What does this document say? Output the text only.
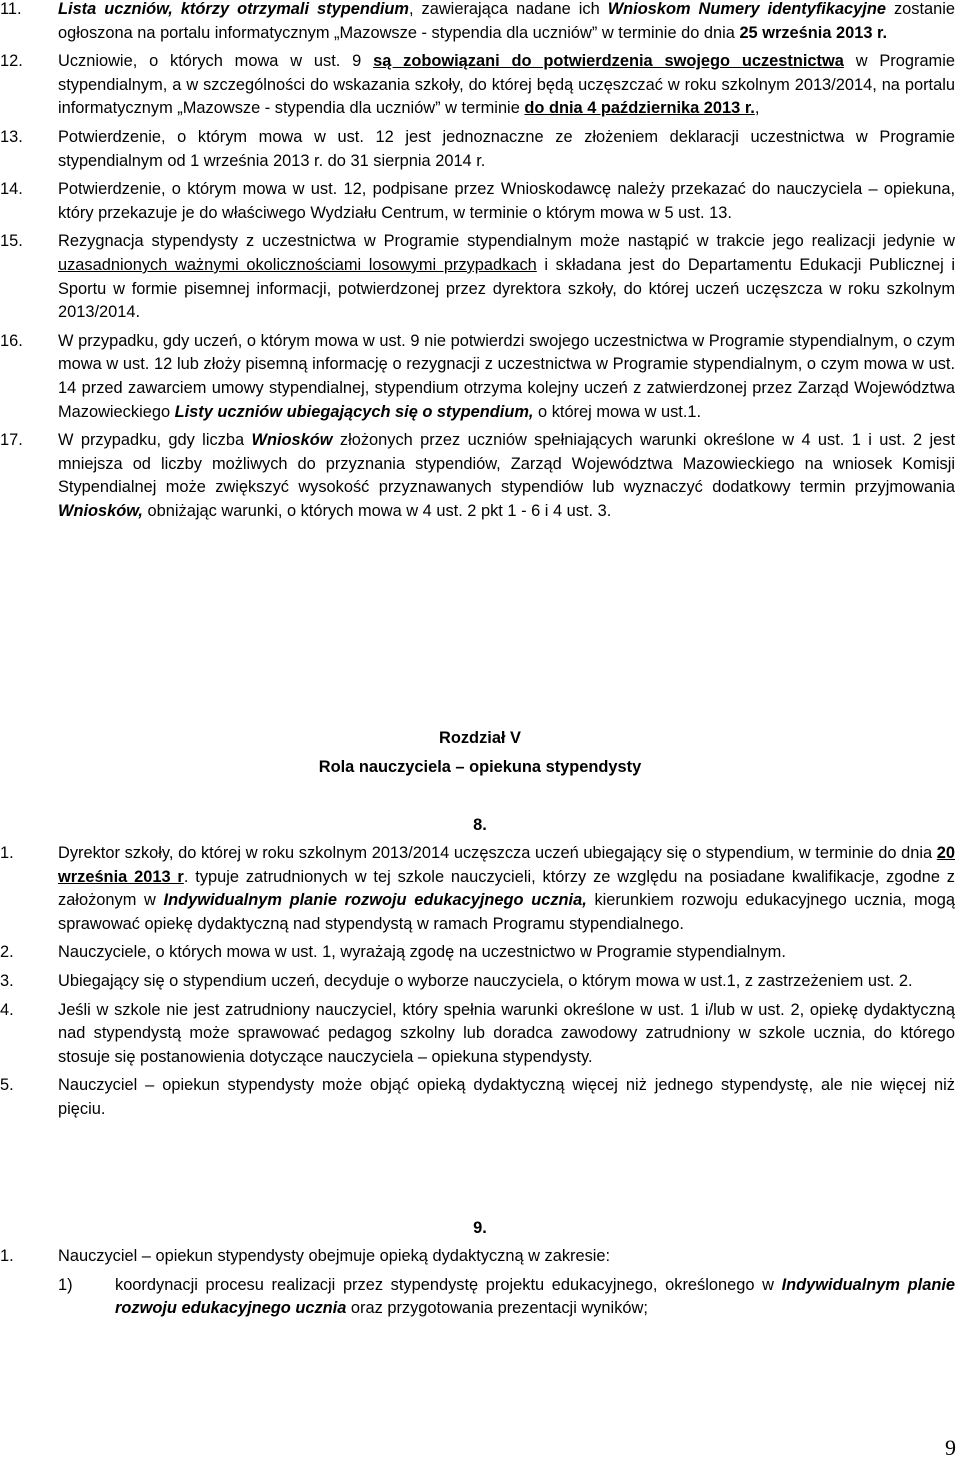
11. Lista uczniów, którzy otrzymali stypendium, zawierająca nadane ich Wnioskom Numery identyfikacyjne zostanie ogłoszona na portalu informatycznym „Mazowsze - stypendia dla uczniów” w terminie do dnia 25 września 2013 r.
12. Uczniowie, o których mowa w ust. 9 są zobowiązani do potwierdzenia swojego uczestnictwa w Programie stypendialnym, a w szczególności do wskazania szkoły, do której będą uczęszczać w roku szkolnym 2013/2014, na portalu informatycznym „Mazowsze - stypendia dla uczniów” w terminie do dnia 4 października 2013 r.,
13. Potwierdzenie, o którym mowa w ust. 12 jest jednoznaczne ze złożeniem deklaracji uczestnictwa w Programie stypendialnym od 1 września 2013 r. do 31 sierpnia 2014 r.
14. Potwierdzenie, o którym mowa w ust. 12, podpisane przez Wnioskodawcę należy przekazać do nauczyciela – opiekuna, który przekazuje je do właściwego Wydziału Centrum, w terminie o którym mowa w 5 ust. 13.
15. Rezygnacja stypendysty z uczestnictwa w Programie stypendialnym może nastąpić w trakcie jego realizacji jedynie w uzasadnionych ważnymi okolicznościami losowymi przypadkach i składana jest do Departamentu Edukacji Publicznej i Sportu w formie pisemnej informacji, potwierdzonej przez dyrektora szkoły, do której uczeń uczęszcza w roku szkolnym 2013/2014.
16. W przypadku, gdy uczeń, o którym mowa w ust. 9 nie potwierdzi swojego uczestnictwa w Programie stypendialnym, o czym mowa w ust. 12 lub złoży pisemną informację o rezygnacji z uczestnictwa w Programie stypendialnym, o czym mowa w ust. 14 przed zawarciem umowy stypendialnej, stypendium otrzyma kolejny uczeń z zatwierdzonej przez Zarząd Województwa Mazowieckiego Listy uczniów ubiegających się o stypendium, o której mowa w ust.1.
17. W przypadku, gdy liczba Wniosków złożonych przez uczniów spełniających warunki określone w 4 ust. 1 i ust. 2 jest mniejsza od liczby możliwych do przyznania stypendiów, Zarząd Województwa Mazowieckiego na wniosek Komisji Stypendialnej może zwiększyć wysokość przyznawanych stypendiów lub wyznaczyć dodatkowy termin przyjmowania Wniosków, obniżając warunki, o których mowa w 4 ust. 2 pkt 1 - 6 i 4 ust. 3.
Rozdział V
Rola nauczyciela – opiekuna stypendysty
8.
1.	Dyrektor szkoły, do której w roku szkolnym 2013/2014 uczęszcza uczeń ubiegający się o stypendium, w terminie do dnia 20 września 2013 r. typuje zatrudnionych w tej szkole nauczycieli, którzy ze względu na posiadane kwalifikacje, zgodne z założonym w Indywidualnym planie rozwoju edukacyjnego ucznia, kierunkiem rozwoju edukacyjnego ucznia, mogą sprawować opiekę dydaktyczną nad stypendystą w ramach Programu stypendialnego.
2.	Nauczyciele, o których mowa w ust. 1, wyrażają zgodę na uczestnictwo w Programie stypendialnym.
3.	Ubiegający się o stypendium uczeń, decyduje o wyborze nauczyciela, o którym mowa w ust.1, z zastrzeżeniem ust. 2.
4.	Jeśli w szkole nie jest zatrudniony nauczyciel, który spełnia warunki określone w ust. 1 i/lub w ust. 2, opiekę dydaktyczną nad stypendystą może sprawować pedagog szkolny lub doradca zawodowy zatrudniony w szkole ucznia, do którego stosuje się postanowienia dotyczące nauczyciela – opiekuna stypendysty.
5.	Nauczyciel – opiekun stypendysty może objąć opieką dydaktyczną więcej niż jednego stypendystę, ale nie więcej niż pięciu.
9.
1.	Nauczyciel – opiekun stypendysty obejmuje opieką dydaktyczną w zakresie:
1)	koordynacji procesu realizacji przez stypendystę projektu edukacyjnego, określonego w Indywidualnym planie rozwoju edukacyjnego ucznia oraz przygotowania prezentacji wyników;
9
